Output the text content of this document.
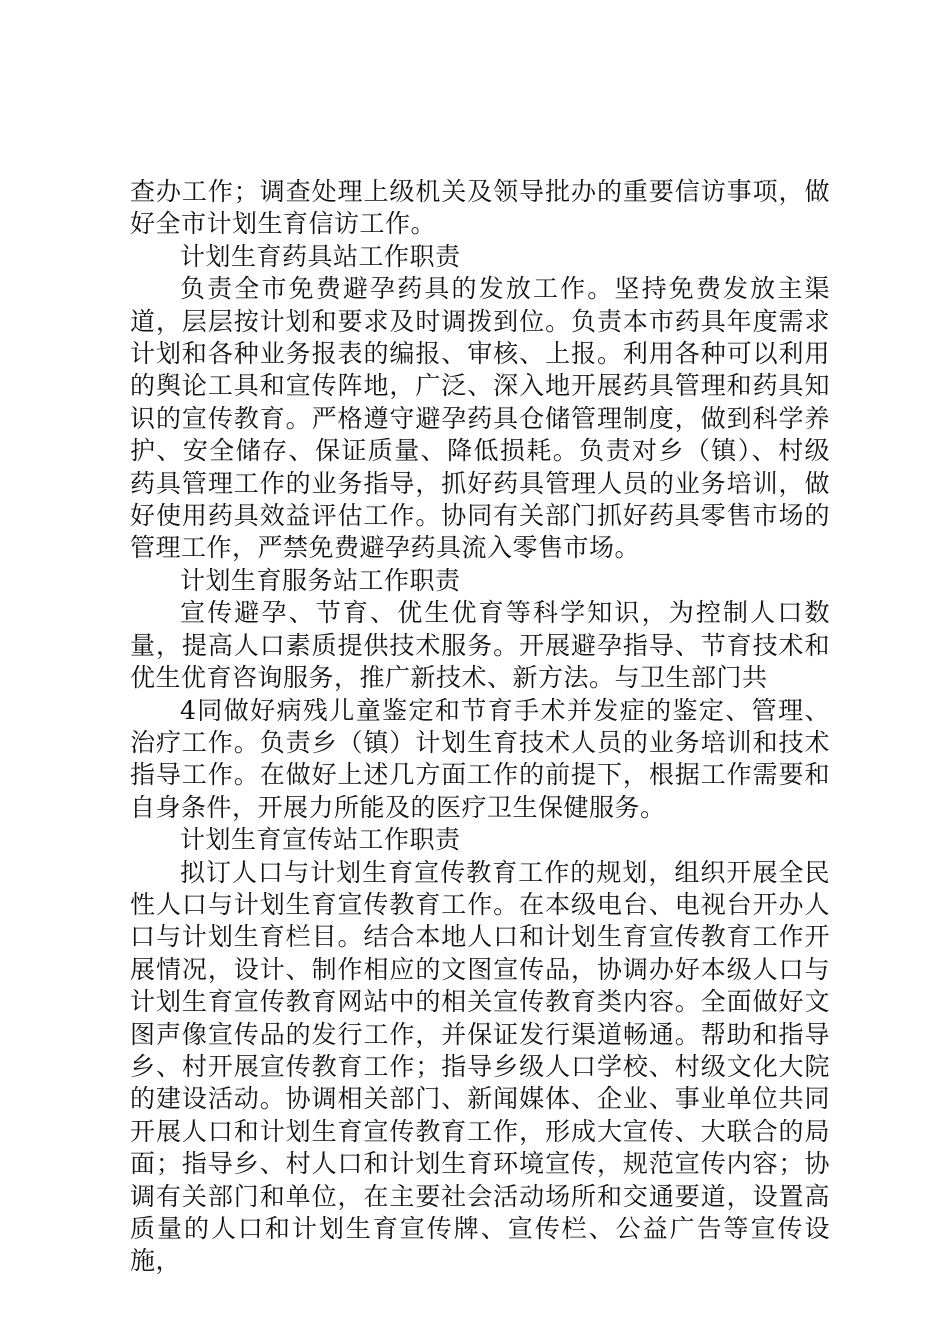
查办工作；调查处理上级机关及领导批办的重要信访事项，做好全市计划生育信访工作。

计划生育药具站工作职责

负责全市免费避孕药具的发放工作。坚持免费发放主渠道，层层按计划和要求及时调拨到位。负责本市药具年度需求计划和各种业务报表的编报、审核、上报。利用各种可以利用的舆论工具和宣传阵地，广泛、深入地开展药具管理和药具知识的宣传教育。严格遵守避孕药具仓储管理制度，做到科学养护、安全储存、保证质量、降低损耗。负责对乡（镇）、村级药具管理工作的业务指导，抓好药具管理人员的业务培训，做好使用药具效益评估工作。协同有关部门抓好药具零售市场的管理工作，严禁免费避孕药具流入零售市场。

计划生育服务站工作职责

宣传避孕、节育、优生优育等科学知识，为控制人口数量，提高人口素质提供技术服务。开展避孕指导、节育技术和优生优育咨询服务，推广新技术、新方法。与卫生部门共

4同做好病残儿童鉴定和节育手术并发症的鉴定、管理、治疗工作。负责乡（镇）计划生育技术人员的业务培训和技术指导工作。在做好上述几方面工作的前提下，根据工作需要和自身条件，开展力所能及的医疗卫生保健服务。

计划生育宣传站工作职责

拟订人口与计划生育宣传教育工作的规划，组织开展全民性人口与计划生育宣传教育工作。在本级电台、电视台开办人口与计划生育栏目。结合本地人口和计划生育宣传教育工作开展情况，设计、制作相应的文图宣传品，协调办好本级人口与计划生育宣传教育网站中的相关宣传教育类内容。全面做好文图声像宣传品的发行工作，并保证发行渠道畅通。帮助和指导乡、村开展宣传教育工作；指导乡级人口学校、村级文化大院的建设活动。协调相关部门、新闻媒体、企业、事业单位共同开展人口和计划生育宣传教育工作，形成大宣传、大联合的局面；指导乡、村人口和计划生育环境宣传，规范宣传内容；协调有关部门和单位，在主要社会活动场所和交通要道，设置高质量的人口和计划生育宣传牌、宣传栏、公益广告等宣传设施，
